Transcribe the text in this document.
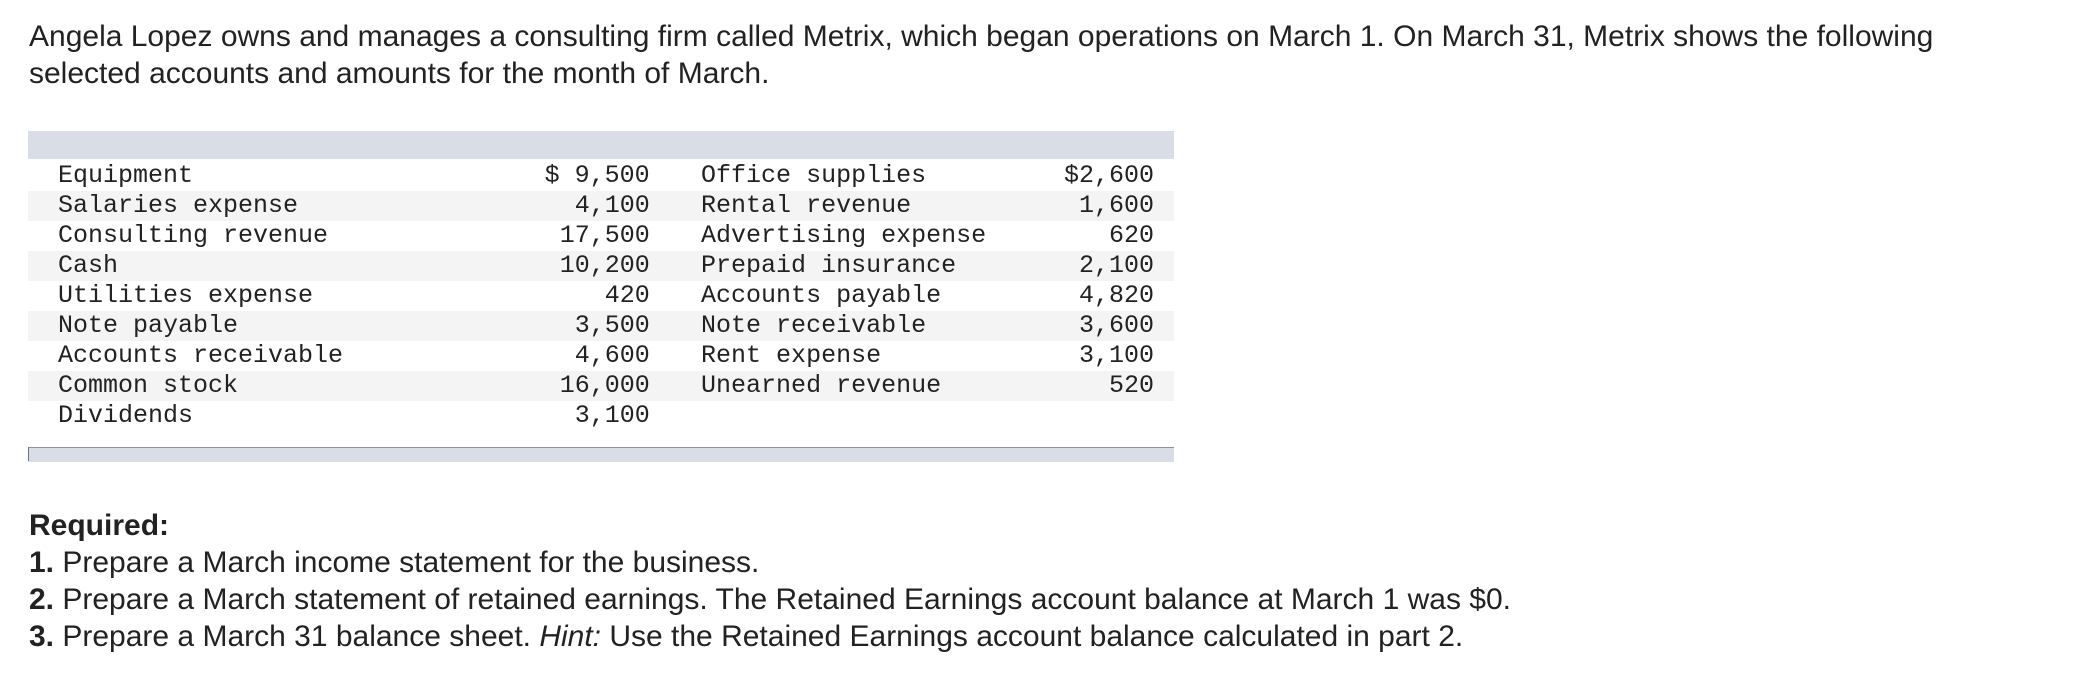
Angela Lopez owns and manages a consulting firm called Metrix, which began operations on March 1. On March 31, Metrix shows the following selected accounts and amounts for the month of March.

Equipment	$ 9,500		Office supplies	$2,600
Salaries expense	4,100		Rental revenue	1,600
Consulting revenue	17,500		Advertising expense	620
Cash	10,200		Prepaid insurance	2,100
Utilities expense	420		Accounts payable	4,820
Note payable	3,500		Note receivable	3,600
Accounts receivable	4,600		Rent expense	3,100
Common stock	16,000		Unearned revenue	520
Dividends	3,100			
Required:
1. Prepare a March income statement for the business.
2. Prepare a March statement of retained earnings. The Retained Earnings account balance at March 1 was $0.
3. Prepare a March 31 balance sheet. Hint: Use the Retained Earnings account balance calculated in part 2.
